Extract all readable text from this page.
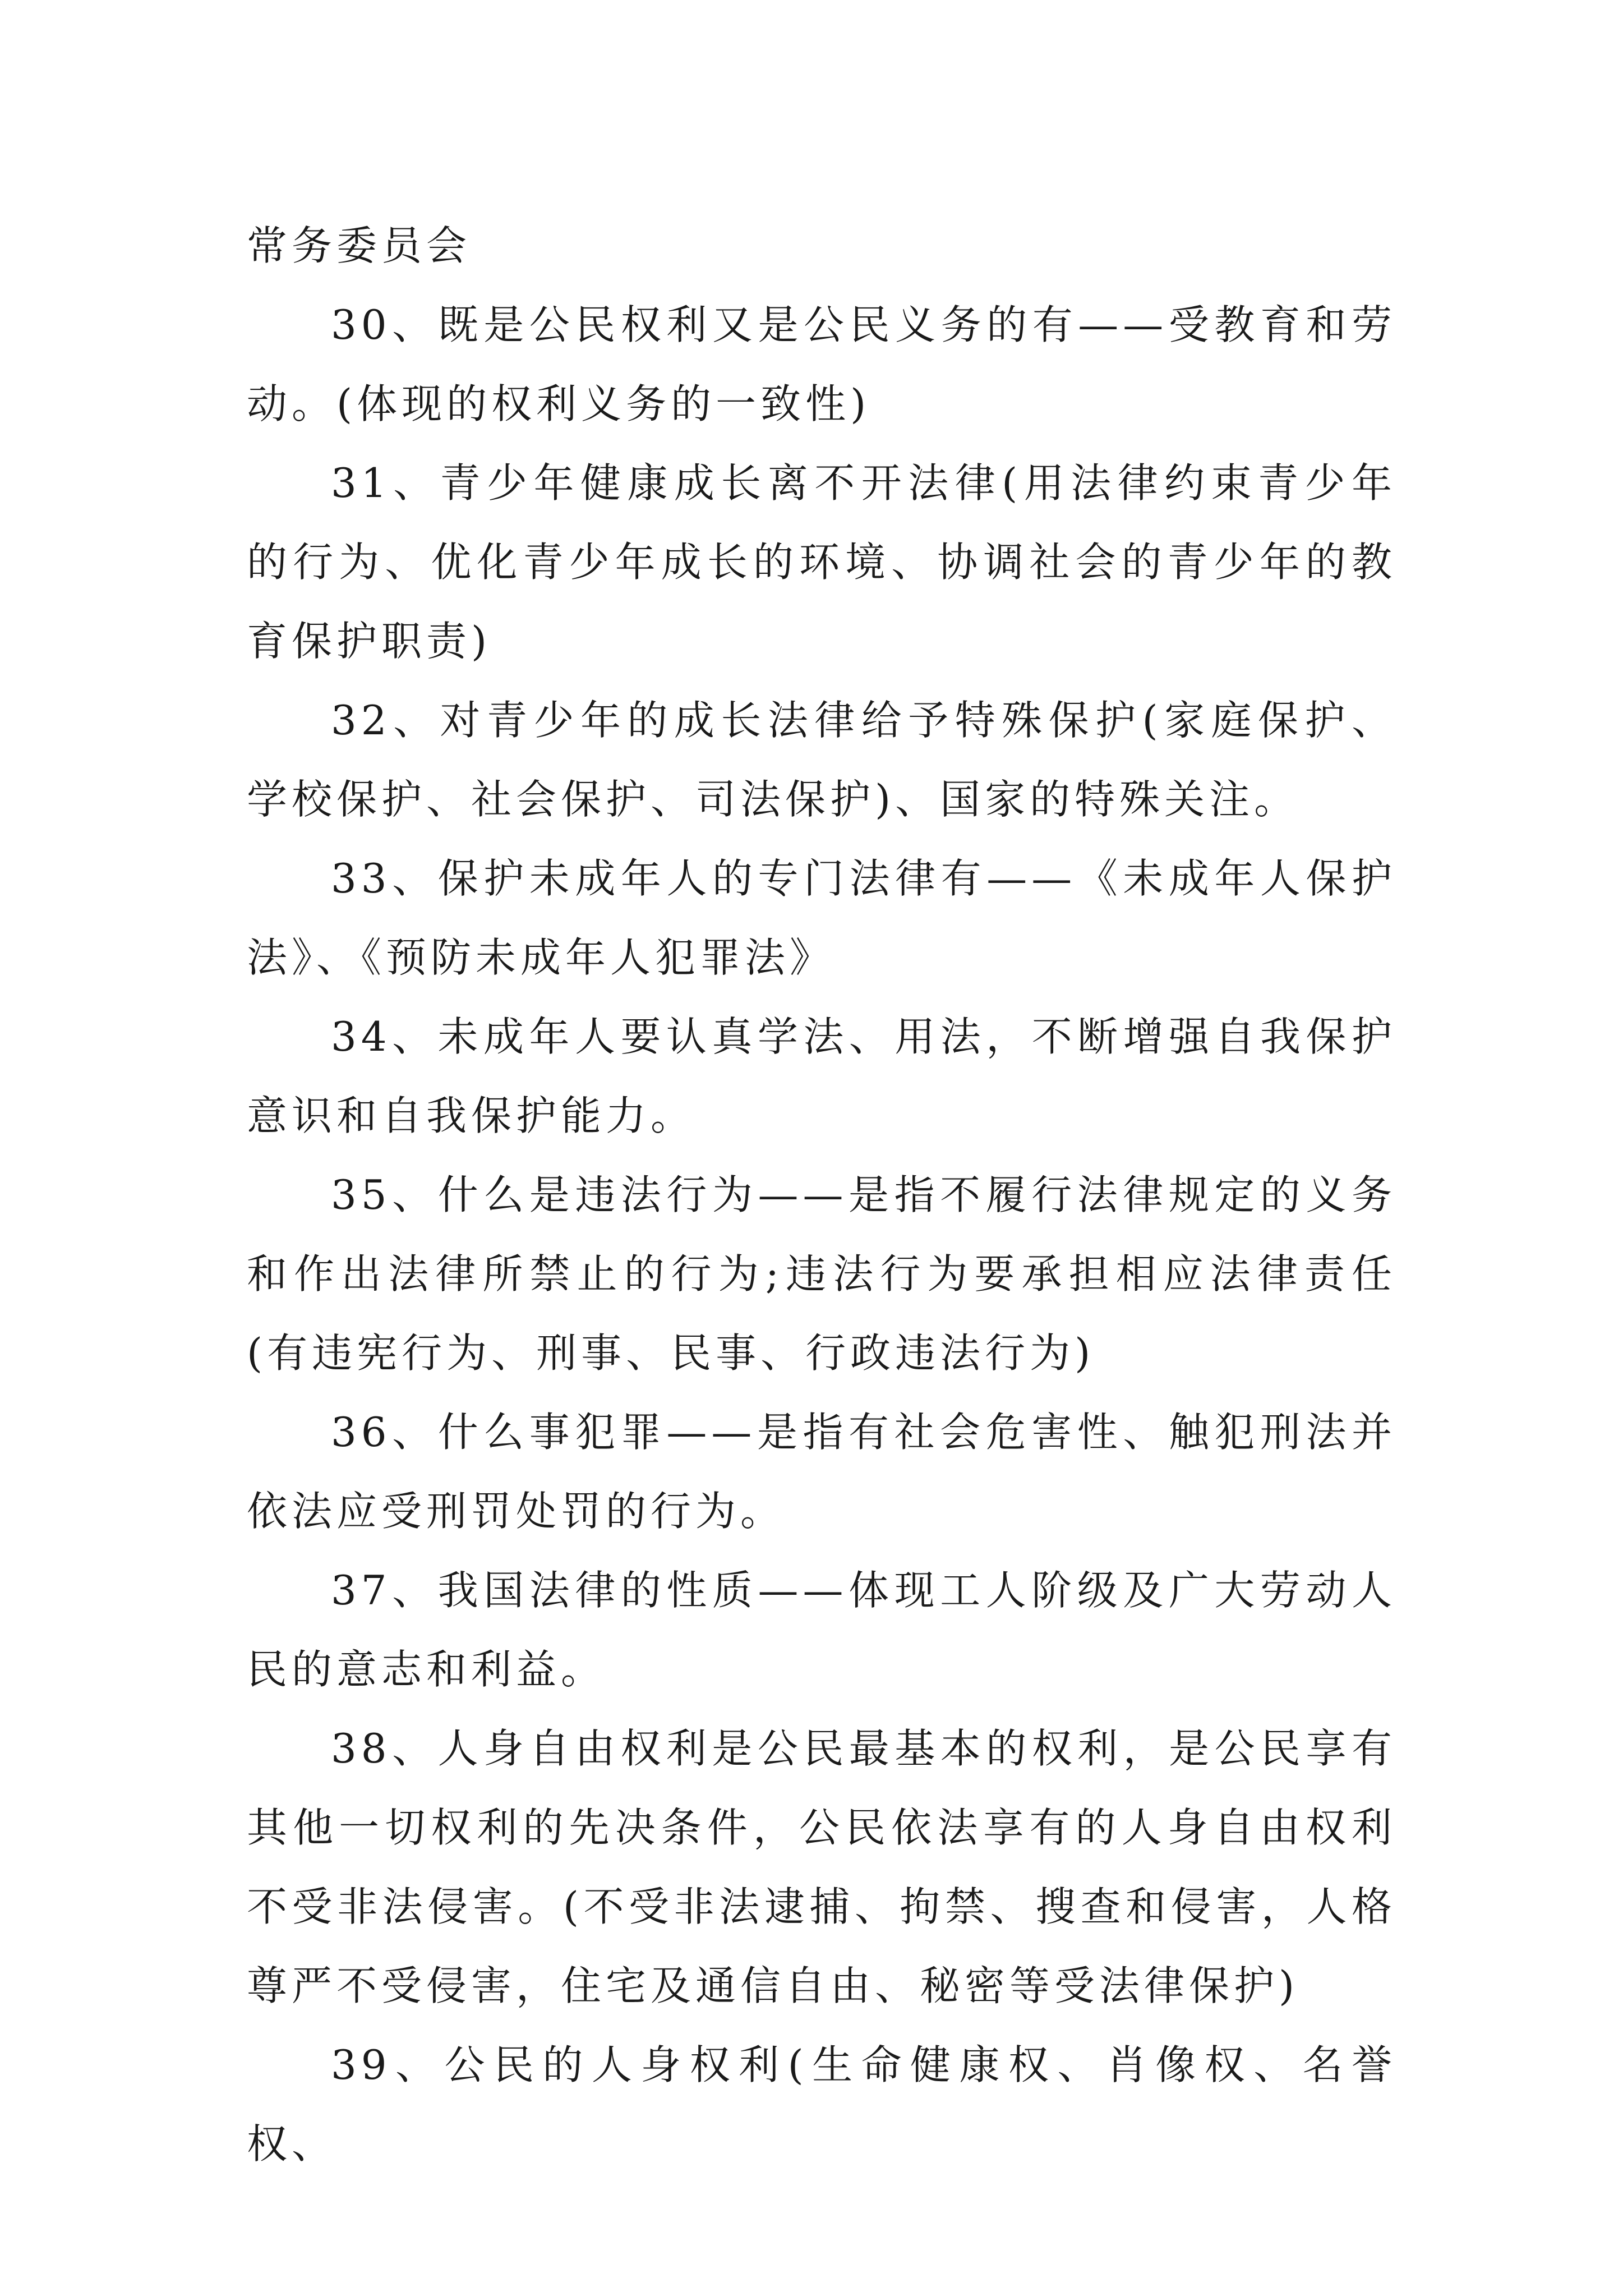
常务委员会

30、既是公民权利又是公民义务的有——受教育和劳动。(体现的权利义务的一致性)

31、青少年健康成长离不开法律(用法律约束青少年的行为、优化青少年成长的环境、协调社会的青少年的教育保护职责)

32、对青少年的成长法律给予特殊保护(家庭保护、学校保护、社会保护、司法保护)、国家的特殊关注。

33、保护未成年人的专门法律有——《未成年人保护法》、《预防未成年人犯罪法》

34、未成年人要认真学法、用法，不断增强自我保护意识和自我保护能力。

35、什么是违法行为——是指不履行法律规定的义务和作出法律所禁止的行为;违法行为要承担相应法律责任(有违宪行为、刑事、民事、行政违法行为)

36、什么事犯罪——是指有社会危害性、触犯刑法并依法应受刑罚处罚的行为。

37、我国法律的性质——体现工人阶级及广大劳动人民的意志和利益。

38、人身自由权利是公民最基本的权利，是公民享有其他一切权利的先决条件，公民依法享有的人身自由权利不受非法侵害。(不受非法逮捕、拘禁、搜查和侵害，人格尊严不受侵害，住宅及通信自由、秘密等受法律保护)

39、公民的人身权利(生命健康权、肖像权、名誉权、
